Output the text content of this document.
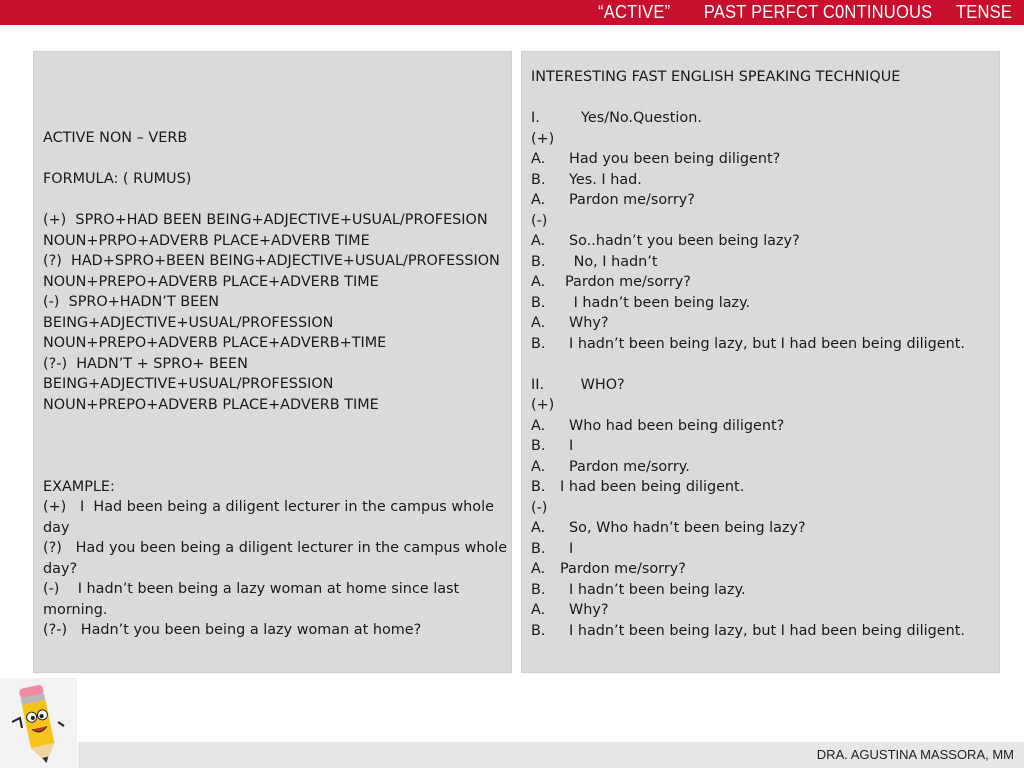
“ACTIVE”       PAST PERFCT C0NTINUOUS     TENSE
ACTIVE NON – VERB
FORMULA: ( RUMUS)
(+)  SPRO+HAD BEEN BEING+ADJECTIVE+USUAL/PROFESION NOUN+PRPO+ADVERB PLACE+ADVERB TIME
(?)  HAD+SPRO+BEEN BEING+ADJECTIVE+USUAL/PROFESSION NOUN+PREPO+ADVERB PLACE+ADVERB TIME
(-)  SPRO+HADN’T BEEN BEING+ADJECTIVE+USUAL/PROFESSION NOUN+PREPO+ADVERB PLACE+ADVERB+TIME
(?-)  HADN’T + SPRO+ BEEN BEING+ADJECTIVE+USUAL/PROFESSION NOUN+PREPO+ADVERB PLACE+ADVERB TIME
EXAMPLE:
(+)   I  Had been being a diligent lecturer in the campus whole day
(?)   Had you been being a diligent lecturer in the campus whole day?
(-)    I hadn’t been being a lazy woman at home since last morning.
(?-)   Hadn’t you been being a lazy woman at home?
INTERESTING FAST ENGLISH SPEAKING TECHNIQUE
I.         Yes/No.Question.
(+)
A.	Had you been being diligent?
B.	Yes. I had.
A.	Pardon me/sorry?
(-)
A.	So..hadn’t you been being lazy?
B.	No, I hadn’t
A.	Pardon me/sorry?
B.	I hadn’t been being lazy.
A.	Why?
B.	I hadn’t been being lazy, but I had been being diligent.
II.        WHO?
(+)
A.	Who had been being diligent?
B.	I
A.	Pardon me/sorry.
B.	I had been being diligent.
(-)
A.	So, Who hadn’t been being lazy?
B.	I
A.	Pardon me/sorry?
B.	I hadn’t been being lazy.
A.	Why?
B.	I hadn’t been being lazy, but I had been being diligent.
DRA. AGUSTINA MASSORA, MM
